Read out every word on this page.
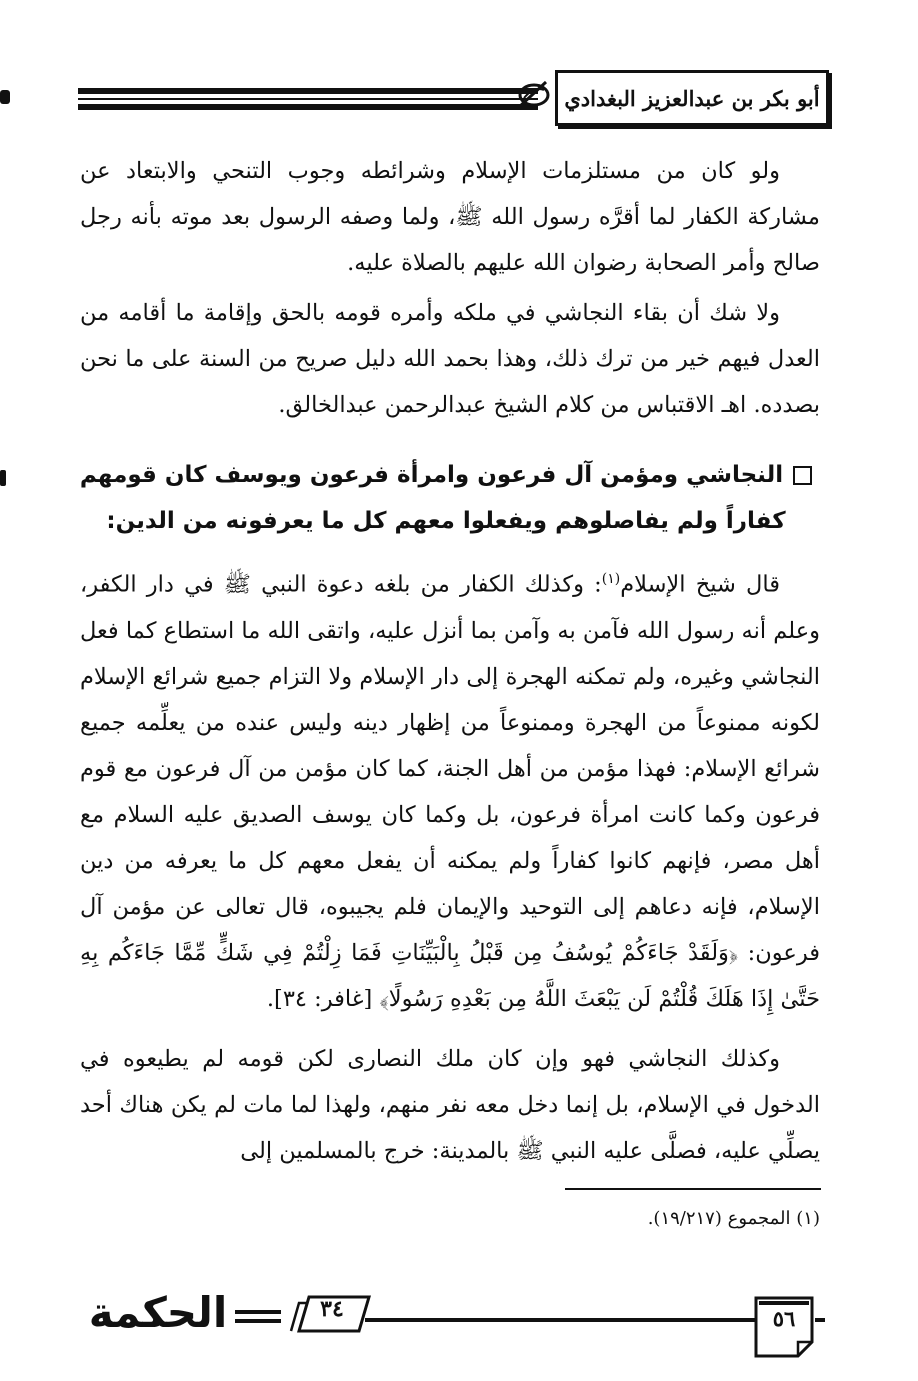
أبو بكر بن عبدالعزيز البغدادي

ولو كان من مستلزمات الإسلام وشرائطه وجوب التنحي والابتعاد عن مشاركة الكفار لما أقرَّه رسول الله ﷺ، ولما وصفه الرسول بعد موته بأنه رجل صالح وأمر الصحابة رضوان الله عليهم بالصلاة عليه.

ولا شك أن بقاء النجاشي في ملكه وأمره قومه بالحق وإقامة ما أقامه من العدل فيهم خير من ترك ذلك، وهذا بحمد الله دليل صريح من السنة على ما نحن بصدده. اهـ الاقتباس من كلام الشيخ عبدالرحمن عبدالخالق.

النجاشي ومؤمن آل فرعون وامرأة فرعون ويوسف كان قومهم
كفاراً ولم يفاصلوهم ويفعلوا معهم كل ما يعرفونه من الدين:

قال شيخ الإسلام$^{(١)}$: وكذلك الكفار من بلغه دعوة النبي ﷺ في دار الكفر، وعلم أنه رسول الله فآمن به وآمن بما أنزل عليه، واتقى الله ما استطاع كما فعل النجاشي وغيره، ولم تمكنه الهجرة إلى دار الإسلام ولا التزام جميع شرائع الإسلام لكونه ممنوعاً من الهجرة وممنوعاً من إظهار دينه وليس عنده من يعلِّمه جميع شرائع الإسلام: فهذا مؤمن من أهل الجنة، كما كان مؤمن من آل فرعون مع قوم فرعون وكما كانت امرأة فرعون، بل وكما كان يوسف الصديق عليه السلام مع أهل مصر، فإنهم كانوا كفاراً ولم يمكنه أن يفعل معهم كل ما يعرفه من دين الإسلام، فإنه دعاهم إلى التوحيد والإيمان فلم يجيبوه، قال تعالى عن مؤمن آل فرعون: ﴿وَلَقَدْ جَاءَكُمْ يُوسُفُ مِن قَبْلُ بِالْبَيِّنَاتِ فَمَا زِلْتُمْ فِي شَكٍّ مِّمَّا جَاءَكُم بِهِ حَتَّىٰ إِذَا هَلَكَ قُلْتُمْ لَن يَبْعَثَ اللَّهُ مِن بَعْدِهِ رَسُولًا﴾ [غافر: ٣٤].

وكذلك النجاشي فهو وإن كان ملك النصارى لكن قومه لم يطيعوه في الدخول في الإسلام، بل إنما دخل معه نفر منهم، ولهذا لما مات لم يكن هناك أحد يصلِّي عليه، فصلَّى عليه النبي ﷺ بالمدينة: خرج بالمسلمين إلى

(١) المجموع (١٩/٢١٧).
٥٦
٣٤
الحكمة
